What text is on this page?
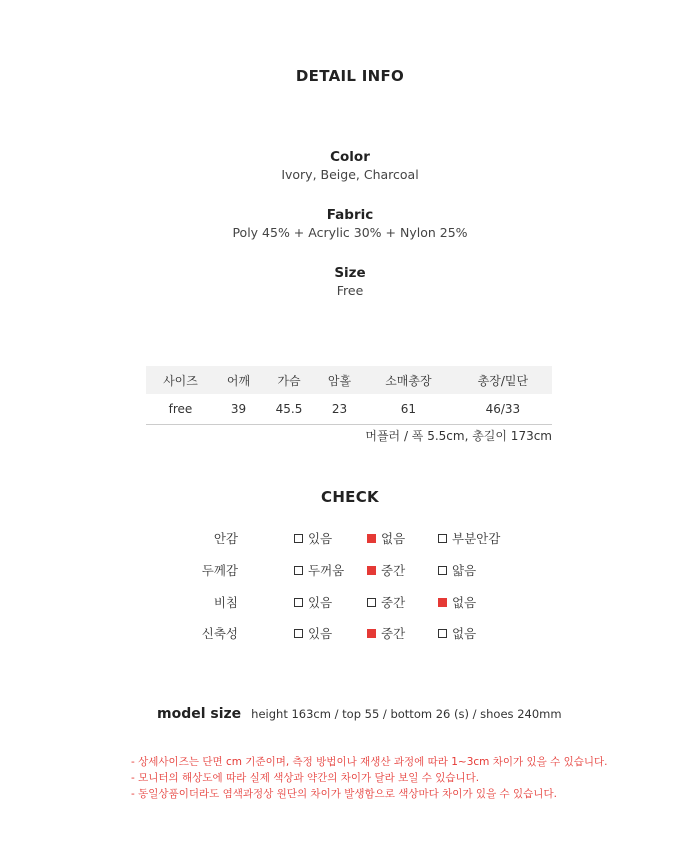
DETAIL INFO
Color
Ivory, Beige, Charcoal
Fabric
Poly 45% + Acrylic 30% + Nylon 25%
Size
Free
사이즈	어깨	가슴	암홀	소매총장	총장/밑단
free	39	45.5	23	61	46/33
머플러 / 폭 5.5cm, 총길이 173cm
CHECK
안감	있음	없음	부분안감
두께감	두꺼움	중간	얇음
비침	있음	중간	없음
신축성	있음	중간	없음
model size height 163cm / top 55 / bottom 26 (s) / shoes 240mm
- 상세사이즈는 단면 cm 기준이며, 측정 방법이나 재생산 과정에 따라 1~3cm 차이가 있을 수 있습니다.
- 모니터의 해상도에 따라 실제 색상과 약간의 차이가 달라 보일 수 있습니다.
- 동일상품이더라도 염색과정상 원단의 차이가 발생함으로 색상마다 차이가 있을 수 있습니다.
